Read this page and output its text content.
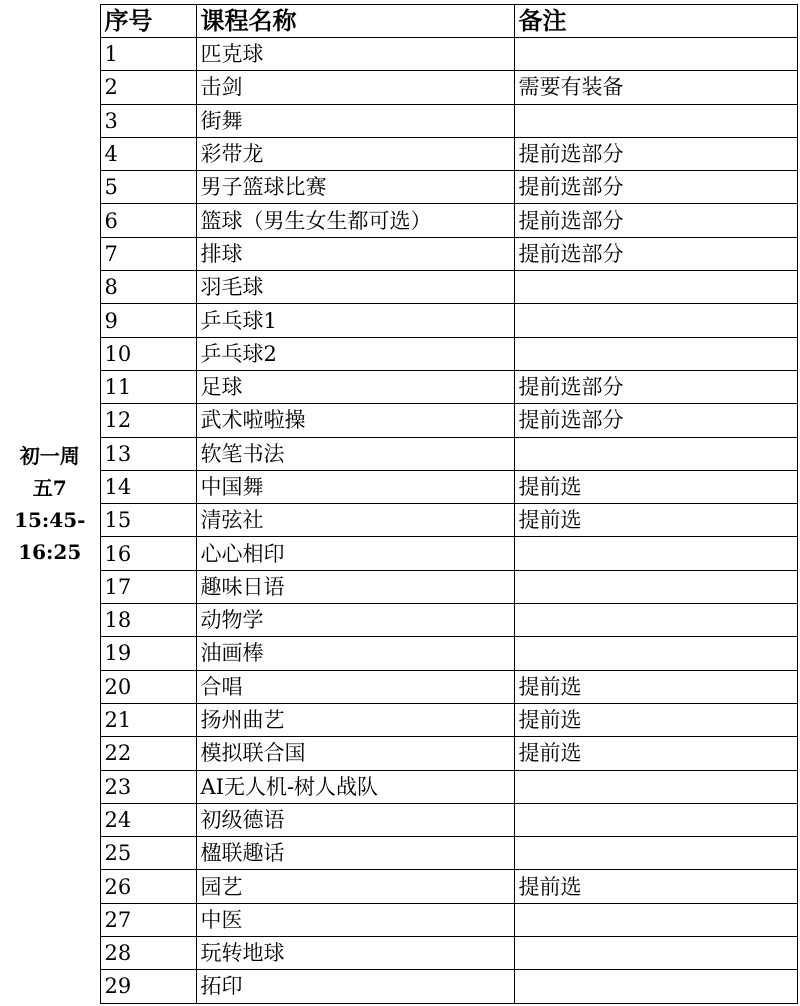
初一周
五7
15:45-
16:25	序号	课程名称	备注
	1	匹克球	
	2	击剑	需要有装备
	3	街舞	
	4	彩带龙	提前选部分
	5	男子篮球比赛	提前选部分
	6	篮球（男生女生都可选）	提前选部分
	7	排球	提前选部分
	8	羽毛球	
	9	乒乓球1	
	10	乒乓球2	
	11	足球	提前选部分
	12	武术啦啦操	提前选部分
	13	软笔书法	
	14	中国舞	提前选
	15	清弦社	提前选
	16	心心相印	
	17	趣味日语	
	18	动物学	
	19	油画棒	
	20	合唱	提前选
	21	扬州曲艺	提前选
	22	模拟联合国	提前选
	23	AI无人机-树人战队	
	24	初级德语	
	25	楹联趣话	
	26	园艺	提前选
	27	中医	
	28	玩转地球	
	29	拓印	
